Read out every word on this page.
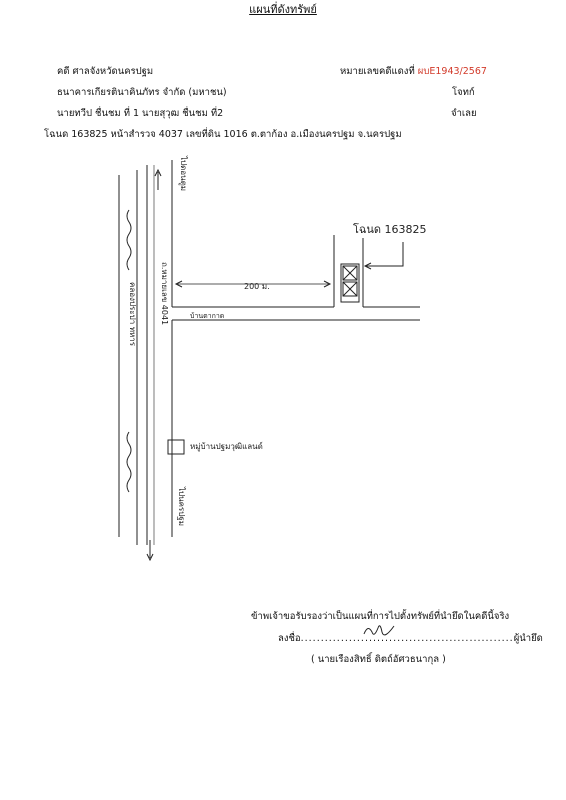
แผนที่ดังทรัพย์
คดี ศาลจังหวัดนครปฐม	หมายเลขคดีแดงที่ ผบE1943/2567
ธนาคารเกียรตินาคินภัทร จำกัด (มหาชน)	โจทก์
นายทวีป ชื่นชม ที่ 1 นายสุวุฒ ชื่นชม ที่2	จำเลย
โฉนด 163825 หน้าสำรวจ 4037 เลขที่ดิน 1016 ต.ตาก้อง อ.เมืองนครปฐม จ.นครปฐม
โฉนด 163825
200 ม.
บ้านตากาด
หมู่บ้านปฐมวุฒิแลนด์
ถ.หมายเลข 4041
คลองประปา ทหาร
ไปดอนตูม
ไปนครปฐม
ข้าพเจ้าขอรับรองว่าเป็นแผนที่การไปตั้งทรัพย์ที่นำยึดในคดีนี้จริง
ลงชื่อ.....................................................ผู้นำยึด
( นายเรืองสิทธิ์ ดิตถ์อัศวธนากุล )
